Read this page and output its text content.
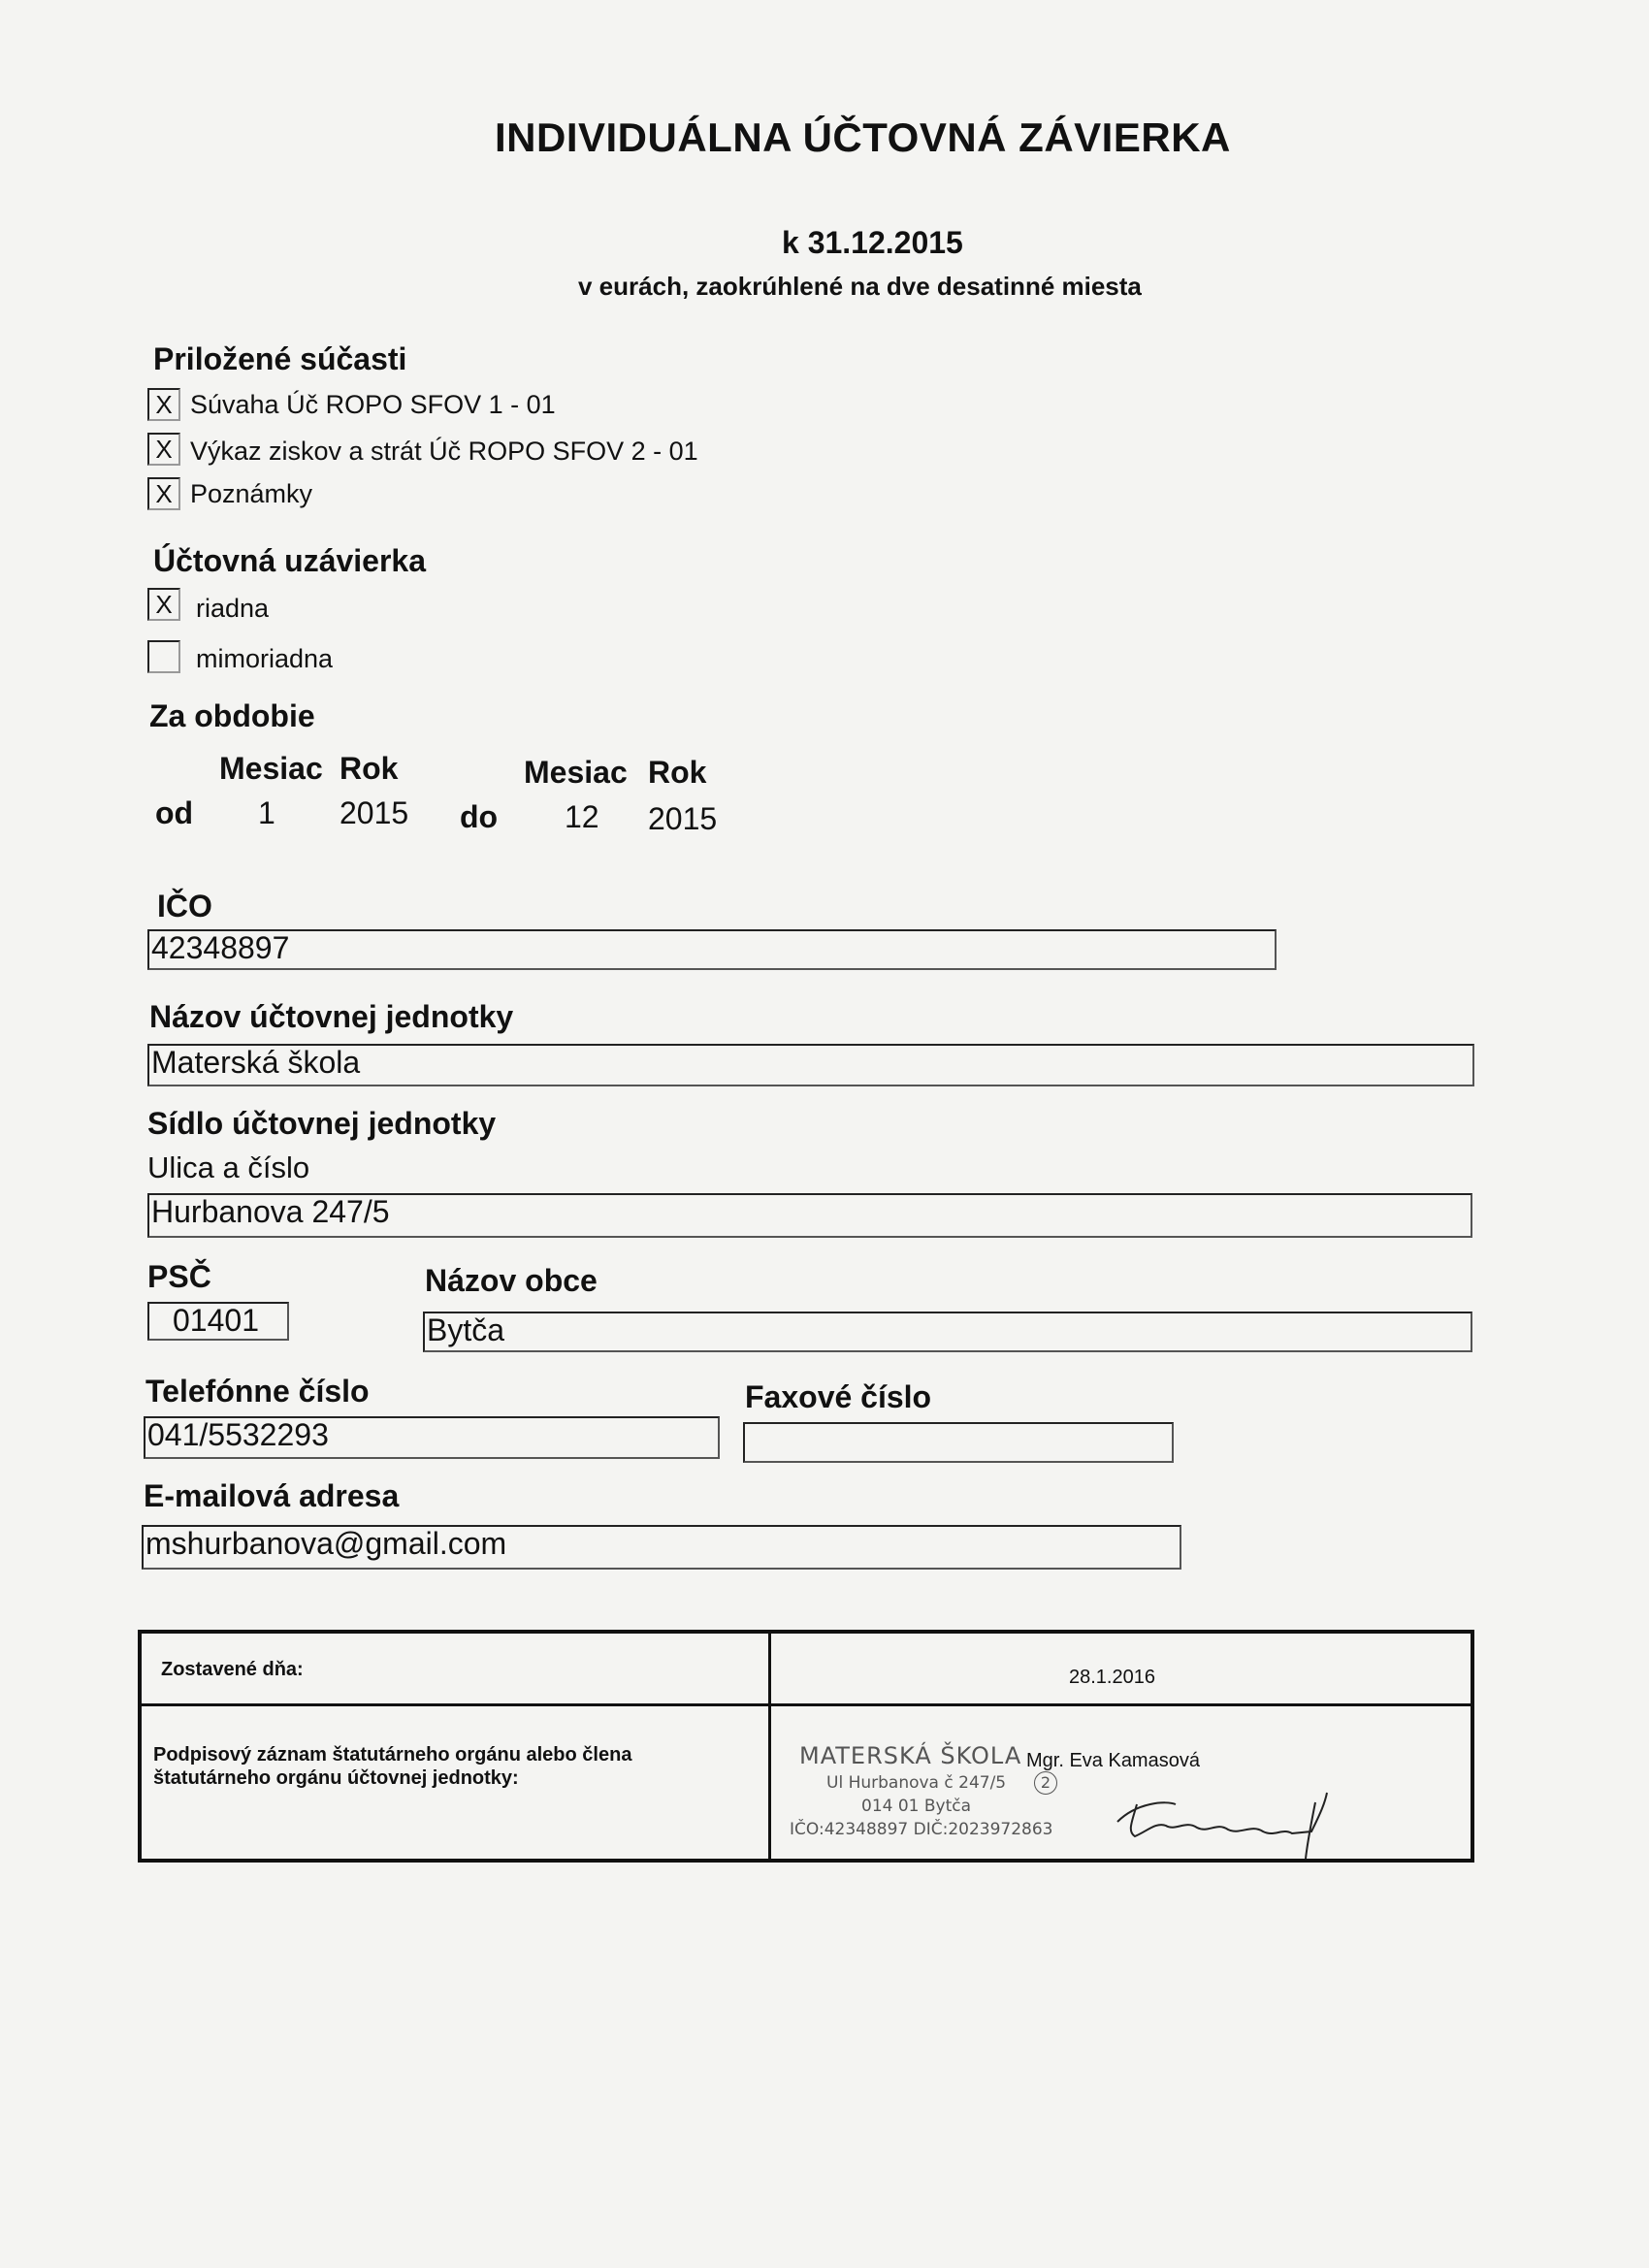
INDIVIDUÁLNA ÚČTOVNÁ ZÁVIERKA
k 31.12.2015
v eurách, zaokrúhlené na dve desatinné miesta
Priložené súčasti
X Súvaha Úč ROPO SFOV 1 - 01
X Výkaz ziskov a strát Úč ROPO SFOV 2 - 01
X Poznámky
Účtovná uzávierka
X riadna
mimoriadna
Za obdobie
Mesiac Rok	Mesiac Rok
od 1 2015 do 12 2015
IČO
42348897
Názov účtovnej jednotky
Materská škola
Sídlo účtovnej jednotky
Ulica a číslo
Hurbanova 247/5
PSČ
01401
Názov obce
Bytča
Telefónne číslo
041/5532293
Faxové číslo
E-mailová adresa
mshurbanova@gmail.com
Zostavené dňa:	28.1.2016
Podpisový záznam štatutárneho orgánu alebo člena
štatutárneho orgánu účtovnej jednotky:
MATERSKÁ ŠKOLA
Ul Hurbanova č 247/5
014 01 Bytča
IČO:42348897 DIČ:2023972863
2
Mgr. Eva Kamasová
